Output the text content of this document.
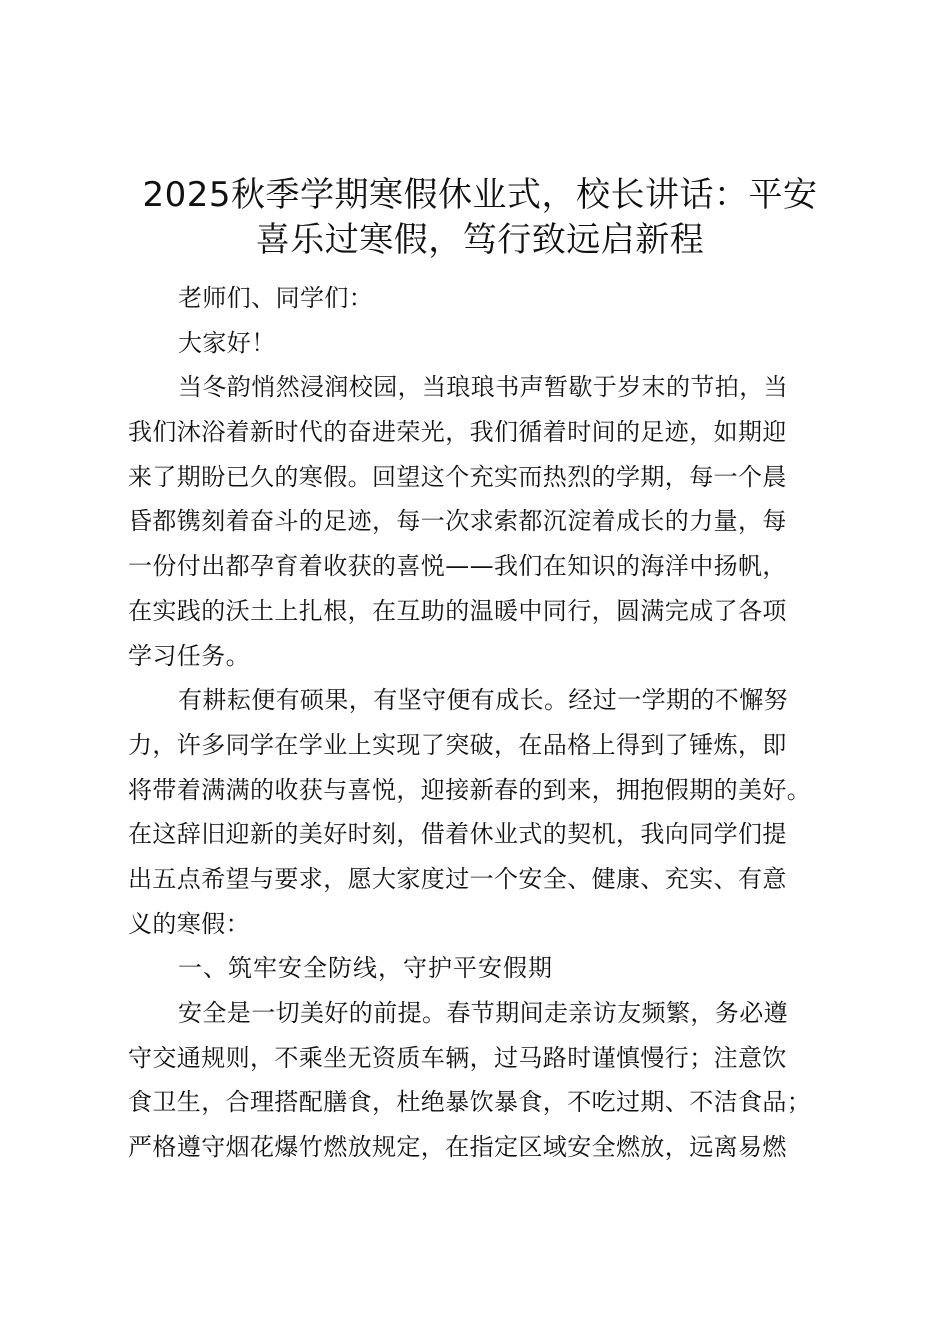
2025秋季学期寒假休业式，校长讲话：平安
喜乐过寒假，笃行致远启新程
老师们、同学们：
大家好！
当冬韵悄然浸润校园，当琅琅书声暂歇于岁末的节拍，当
我们沐浴着新时代的奋进荣光，我们循着时间的足迹，如期迎
来了期盼已久的寒假。回望这个充实而热烈的学期，每一个晨
昏都镌刻着奋斗的足迹，每一次求索都沉淀着成长的力量，每
一份付出都孕育着收获的喜悦——我们在知识的海洋中扬帆，
在实践的沃土上扎根，在互助的温暖中同行，圆满完成了各项
学习任务。
有耕耘便有硕果，有坚守便有成长。经过一学期的不懈努
力，许多同学在学业上实现了突破，在品格上得到了锤炼，即
将带着满满的收获与喜悦，迎接新春的到来，拥抱假期的美好。
在这辞旧迎新的美好时刻，借着休业式的契机，我向同学们提
出五点希望与要求，愿大家度过一个安全、健康、充实、有意
义的寒假：
一、筑牢安全防线，守护平安假期
安全是一切美好的前提。春节期间走亲访友频繁，务必遵
守交通规则，不乘坐无资质车辆，过马路时谨慎慢行；注意饮
食卫生，合理搭配膳食，杜绝暴饮暴食，不吃过期、不洁食品；
严格遵守烟花爆竹燃放规定，在指定区域安全燃放，远离易燃
